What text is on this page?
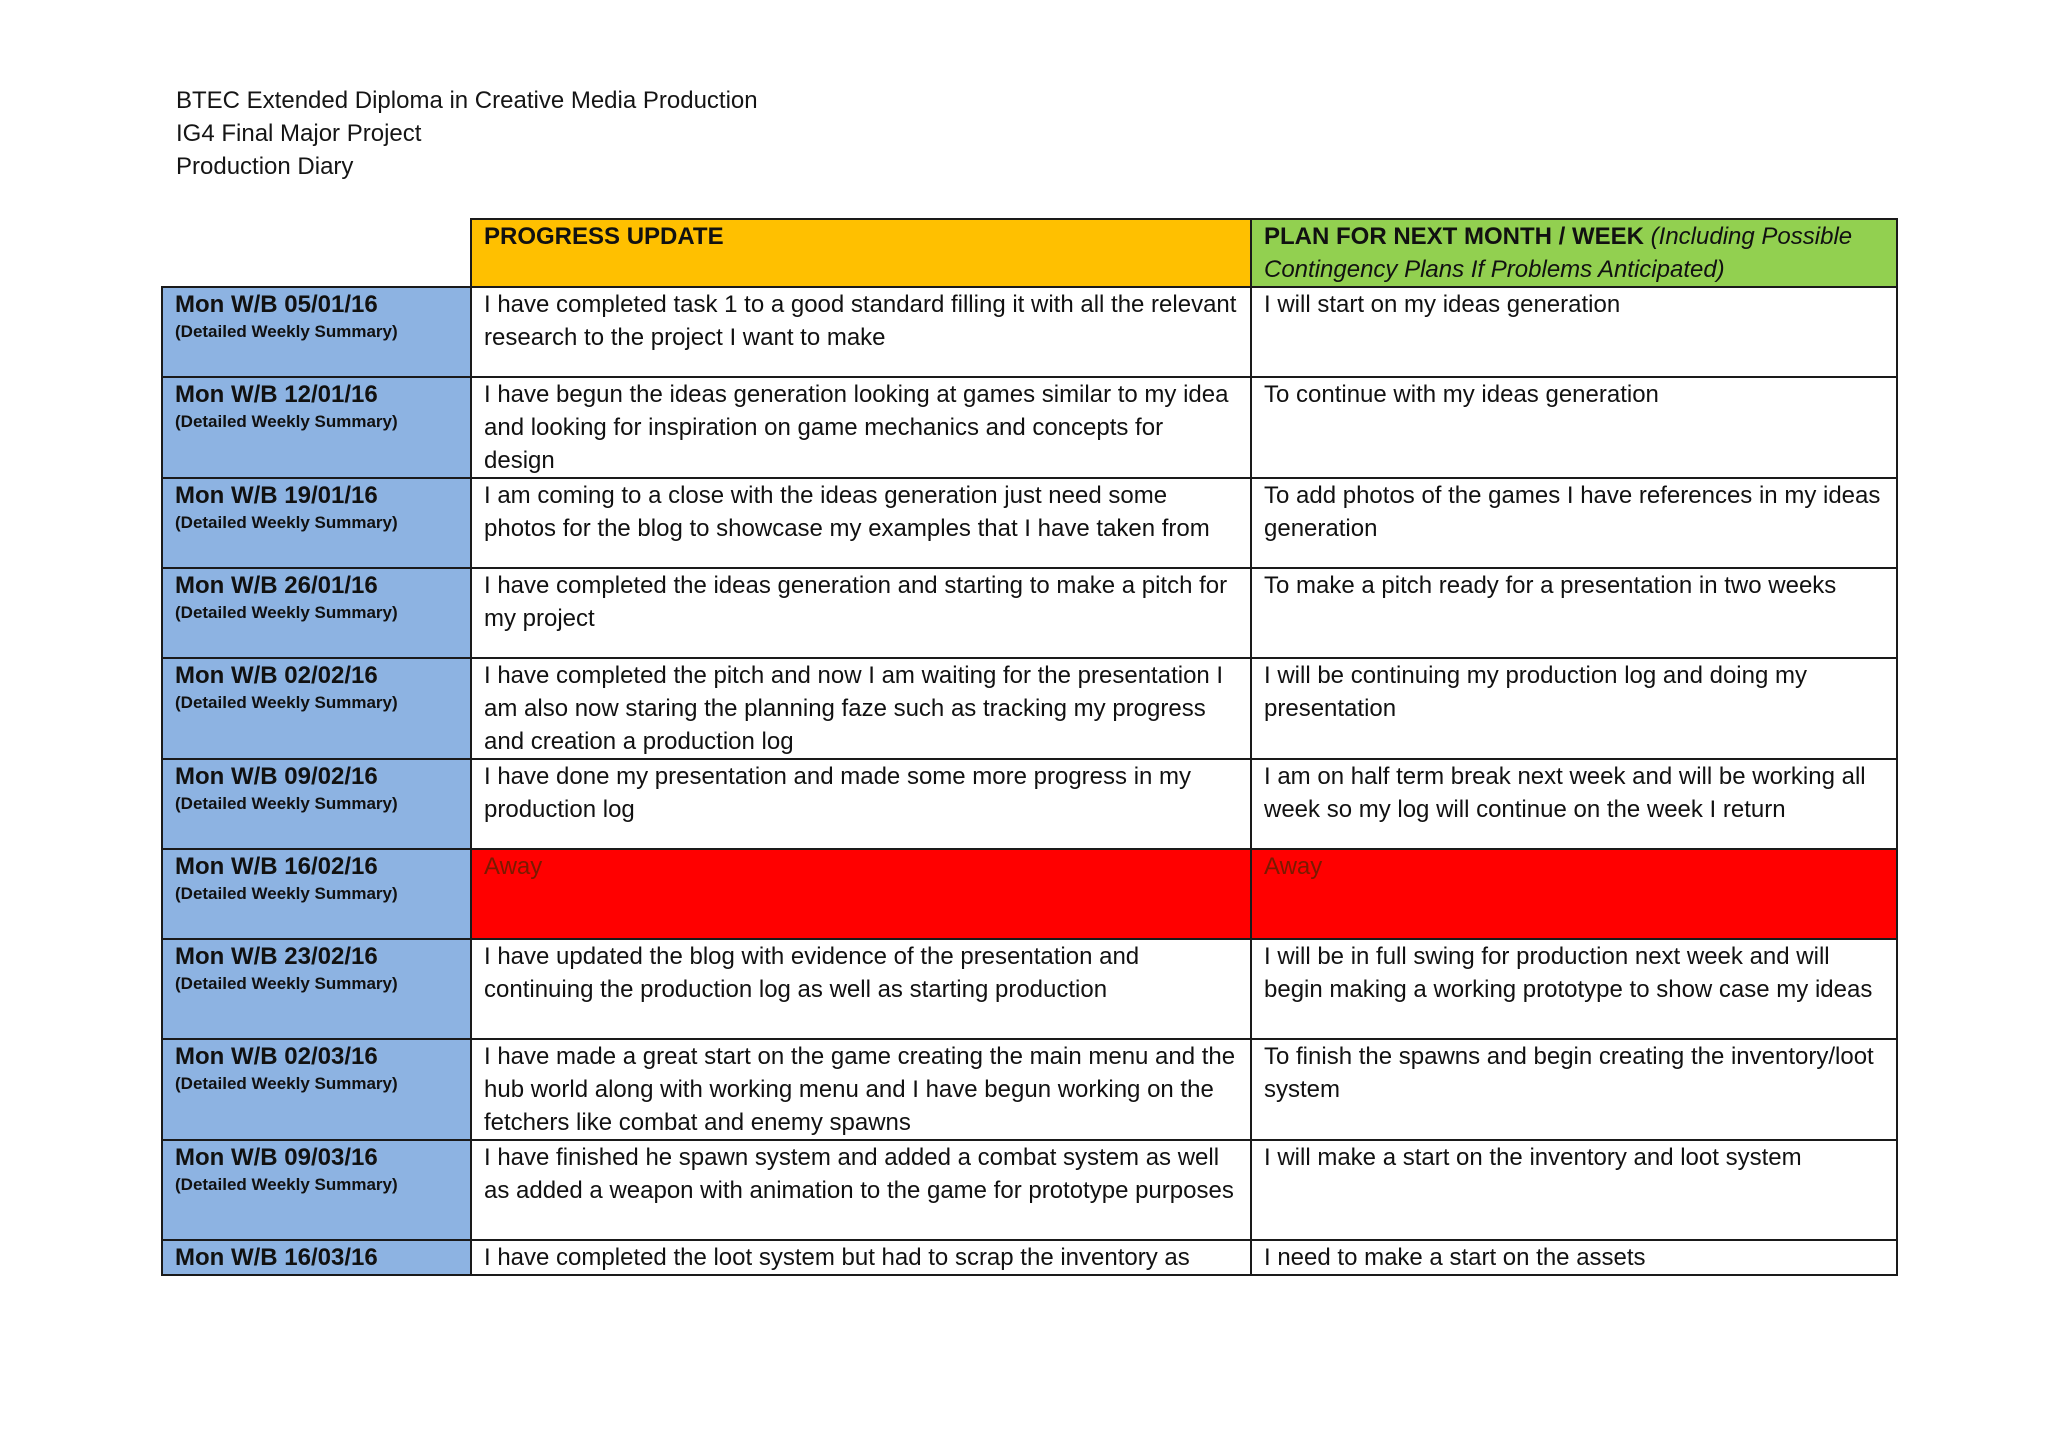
BTEC Extended Diploma in Creative Media Production
IG4 Final Major Project
Production Diary
	PROGRESS UPDATE	PLAN FOR NEXT MONTH / WEEK (Including Possible Contingency Plans If Problems Anticipated)

Mon W/B 05/01/16
(Detailed Weekly Summary)	I have completed task 1 to a good standard filling it with all the relevant research to the project I want to make	I will start on my ideas generation

Mon W/B 12/01/16
(Detailed Weekly Summary)	I have begun the ideas generation looking at games similar to my idea and looking for inspiration on game mechanics and concepts for design	To continue with my ideas generation

Mon W/B 19/01/16
(Detailed Weekly Summary)	I am coming to a close with the ideas generation just need some photos for the blog to showcase my examples that I have taken from	To add photos of the games I have references in my ideas generation

Mon W/B 26/01/16
(Detailed Weekly Summary)	I have completed the ideas generation and starting to make a pitch for my project	To make a pitch ready for a presentation in two weeks

Mon W/B 02/02/16
(Detailed Weekly Summary)	I have completed the pitch and now I am waiting for the presentation I am also now staring the planning faze such as tracking my progress and creation a production log	I will be continuing my production log and doing my presentation

Mon W/B 09/02/16
(Detailed Weekly Summary)	I have done my presentation and made some more progress in my production log	I am on half term break next week and will be working all week so my log will continue on the week I return

Mon W/B 16/02/16
(Detailed Weekly Summary)	Away	Away

Mon W/B 23/02/16
(Detailed Weekly Summary)	I have updated the blog with evidence of the presentation and continuing the production log as well as starting production	I will be in full swing for production next week and will begin making a working prototype to show case my ideas

Mon W/B 02/03/16
(Detailed Weekly Summary)	I have made a great start on the game creating the main menu and the hub world along with working menu and I have begun working on the fetchers like combat and enemy spawns	To finish the spawns and begin creating the inventory/loot system

Mon W/B 09/03/16
(Detailed Weekly Summary)	I have finished he spawn system and added a combat system as well as added a weapon with animation to the game for prototype purposes	I will make a start on the inventory and loot system

Mon W/B 16/03/16	I have completed the loot system but had to scrap the inventory as	I need to make a start on the assets
